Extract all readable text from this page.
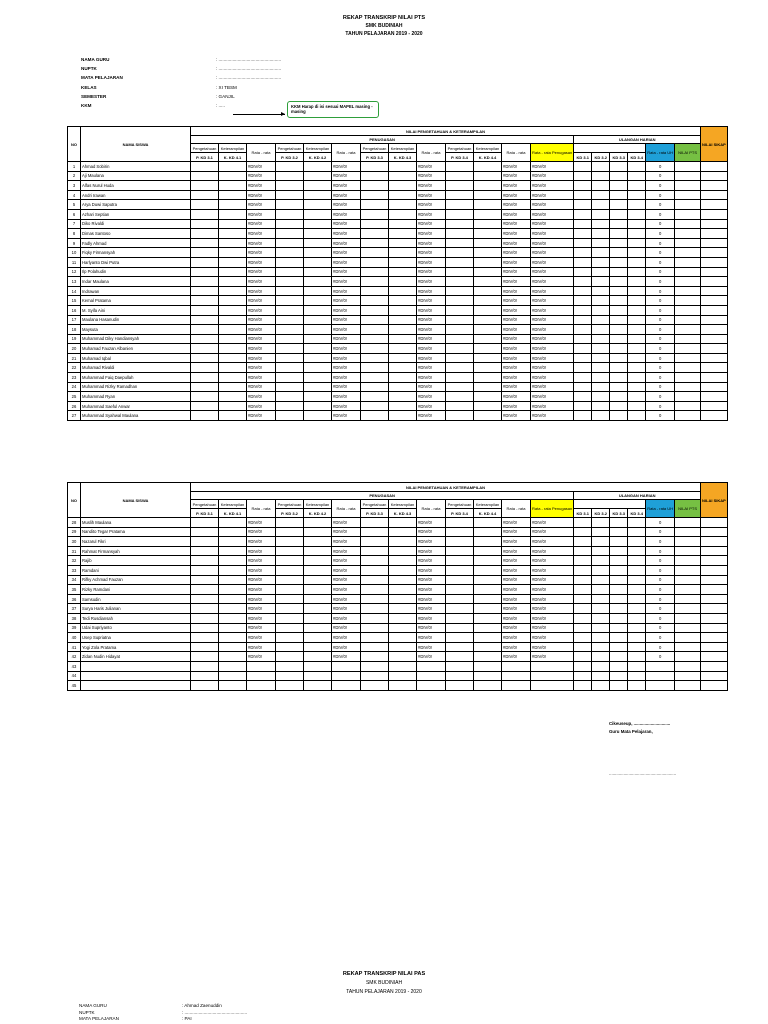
REKAP TRANSKRIP NILAI PTS
SMK BUDINIAH
TAHUN PELAJARAN 2019 - 2020
NAMA GURU	: .................................................
NUPTK	: .................................................
MATA PELAJARAN	: .................................................
KELAS	: XI TBSM
SEMESTER	: GANJIL
KKM	: .....	KKM Harap di isi sesuai MAPEL masing - masing
NO	NAMA SISWA	NILAI PENGETAHUAN & KETERAMPILAN																			NILAI SIKAP
		PENUGASAN													ULANGAN HARIAN						
		Pengetahuan	Keterampilan	Rata - rata	Pengetahuan	Keterampilan	Rata - rata	Pengetahuan	Keterampilan	Rata - rata	Pengetahuan	Keterampilan	Rata - rata	Rata - rata Penugasan					Rata - rata UH	NILAI PTS	
		P. KD 3.1	K. KD 4.1		P. KD 3.2	K. KD 4.2		P. KD 3.3	K. KD 4.3		P. KD 3.4	K. KD 4.4			KD 3.1	KD 3.2	KD 3.3	KD 3.4			
1	Ahmad Sobirin			#DIV/0!			#DIV/0!			#DIV/0!			#DIV/0!	#DIV/0!					0		
2	Aji Maulana			#DIV/0!			#DIV/0!			#DIV/0!			#DIV/0!	#DIV/0!					0		
3	Alfas Nurul Huda			#DIV/0!			#DIV/0!			#DIV/0!			#DIV/0!	#DIV/0!					0		
4	Andri Irawan			#DIV/0!			#DIV/0!			#DIV/0!			#DIV/0!	#DIV/0!					0		
5	Arya Duwi Saputra			#DIV/0!			#DIV/0!			#DIV/0!			#DIV/0!	#DIV/0!					0		
6	Azhari Septian			#DIV/0!			#DIV/0!			#DIV/0!			#DIV/0!	#DIV/0!					0		
7	Diko Rivaldi			#DIV/0!			#DIV/0!			#DIV/0!			#DIV/0!	#DIV/0!					0		
8	Dimas Santoso			#DIV/0!			#DIV/0!			#DIV/0!			#DIV/0!	#DIV/0!					0		
9	Fadly Ahmad			#DIV/0!			#DIV/0!			#DIV/0!			#DIV/0!	#DIV/0!					0		
10	Fiqky Firmansyah			#DIV/0!			#DIV/0!			#DIV/0!			#DIV/0!	#DIV/0!					0		
11	Harlyanto Dwi Putra			#DIV/0!			#DIV/0!			#DIV/0!			#DIV/0!	#DIV/0!					0		
12	Ilp Polahudin			#DIV/0!			#DIV/0!			#DIV/0!			#DIV/0!	#DIV/0!					0		
13	Indar Maulana			#DIV/0!			#DIV/0!			#DIV/0!			#DIV/0!	#DIV/0!					0		
14	Indrawan			#DIV/0!			#DIV/0!			#DIV/0!			#DIV/0!	#DIV/0!					0		
15	Kemal Pratama			#DIV/0!			#DIV/0!			#DIV/0!			#DIV/0!	#DIV/0!					0		
16	M. Syifa Aini			#DIV/0!			#DIV/0!			#DIV/0!			#DIV/0!	#DIV/0!					0		
17	Maulana Hasanudin			#DIV/0!			#DIV/0!			#DIV/0!			#DIV/0!	#DIV/0!					0		
18	Maysuta			#DIV/0!			#DIV/0!			#DIV/0!			#DIV/0!	#DIV/0!					0		
19	Muhammad Diky Handiansyah			#DIV/0!			#DIV/0!			#DIV/0!			#DIV/0!	#DIV/0!					0		
20	Muhamad Fauzan Albanien			#DIV/0!			#DIV/0!			#DIV/0!			#DIV/0!	#DIV/0!					0		
21	Muhamad Iqbal			#DIV/0!			#DIV/0!			#DIV/0!			#DIV/0!	#DIV/0!					0		
22	Muhamad Rivaldi			#DIV/0!			#DIV/0!			#DIV/0!			#DIV/0!	#DIV/0!					0		
23	Muhammad Faiq Daepullah			#DIV/0!			#DIV/0!			#DIV/0!			#DIV/0!	#DIV/0!					0		
24	Muhammad Rizky Ramadhan			#DIV/0!			#DIV/0!			#DIV/0!			#DIV/0!	#DIV/0!					0		
25	Muhammad Ryan			#DIV/0!			#DIV/0!			#DIV/0!			#DIV/0!	#DIV/0!					0		
26	Muhammad Saeful Anwar			#DIV/0!			#DIV/0!			#DIV/0!			#DIV/0!	#DIV/0!					0		
27	Muhammad Syahwal Maulana			#DIV/0!			#DIV/0!			#DIV/0!			#DIV/0!	#DIV/0!					0		
NO	NAMA SISWA	NILAI PENGETAHUAN & KETERAMPILAN																			NILAI SIKAP
		PENUGASAN													ULANGAN HARIAN						
		Pengetahuan	Keterampilan	Rata - rata	Pengetahuan	Keterampilan	Rata - rata	Pengetahuan	Keterampilan	Rata - rata	Pengetahuan	Keterampilan	Rata - rata	Rata - rata Penugasan					Rata - rata UH	NILAI PTS	
		P. KD 3.1	K. KD 4.1		P. KD 3.2	K. KD 4.2		P. KD 3.3	K. KD 4.3		P. KD 3.4	K. KD 4.4			KD 3.1	KD 3.2	KD 3.3	KD 3.4			
28	Muslih Maulana			#DIV/0!			#DIV/0!			#DIV/0!			#DIV/0!	#DIV/0!					0		
29	Nandito Tegar Pratama			#DIV/0!			#DIV/0!			#DIV/0!			#DIV/0!	#DIV/0!					0		
30	Nazarul Fikri			#DIV/0!			#DIV/0!			#DIV/0!			#DIV/0!	#DIV/0!					0		
31	Rahmat Firmansyah			#DIV/0!			#DIV/0!			#DIV/0!			#DIV/0!	#DIV/0!					0		
32	Rajib			#DIV/0!			#DIV/0!			#DIV/0!			#DIV/0!	#DIV/0!					0		
33	Ramdani			#DIV/0!			#DIV/0!			#DIV/0!			#DIV/0!	#DIV/0!					0		
34	Rifky Achmad Fauzan			#DIV/0!			#DIV/0!			#DIV/0!			#DIV/0!	#DIV/0!					0		
35	Rizky Ramdani			#DIV/0!			#DIV/0!			#DIV/0!			#DIV/0!	#DIV/0!					0		
36	Samsudin			#DIV/0!			#DIV/0!			#DIV/0!			#DIV/0!	#DIV/0!					0		
37	Surya Haris Julianan			#DIV/0!			#DIV/0!			#DIV/0!			#DIV/0!	#DIV/0!					0		
38	Tedi Rusdiansah			#DIV/0!			#DIV/0!			#DIV/0!			#DIV/0!	#DIV/0!					0		
39	Udai Supriyanto			#DIV/0!			#DIV/0!			#DIV/0!			#DIV/0!	#DIV/0!					0		
40	Usep Supriatna			#DIV/0!			#DIV/0!			#DIV/0!			#DIV/0!	#DIV/0!					0		
41	Yogi Zola Pratama			#DIV/0!			#DIV/0!			#DIV/0!			#DIV/0!	#DIV/0!					0		
42	Zidan Nudin Hidayat			#DIV/0!			#DIV/0!			#DIV/0!			#DIV/0!	#DIV/0!					0		
43																					
44																					
45																					
Cikeuseup, ..............................
Guru Mata Pelajaran,
.......................................................
REKAP TRANSKRIP NILAI PAS
SMK BUDINIAH
TAHUN PELAJARAN 2019 - 2020
NAMA GURU	: Ahmad Zaenuddin
NUPTK	: .................................................
MATA PELAJARAN	: PAI
